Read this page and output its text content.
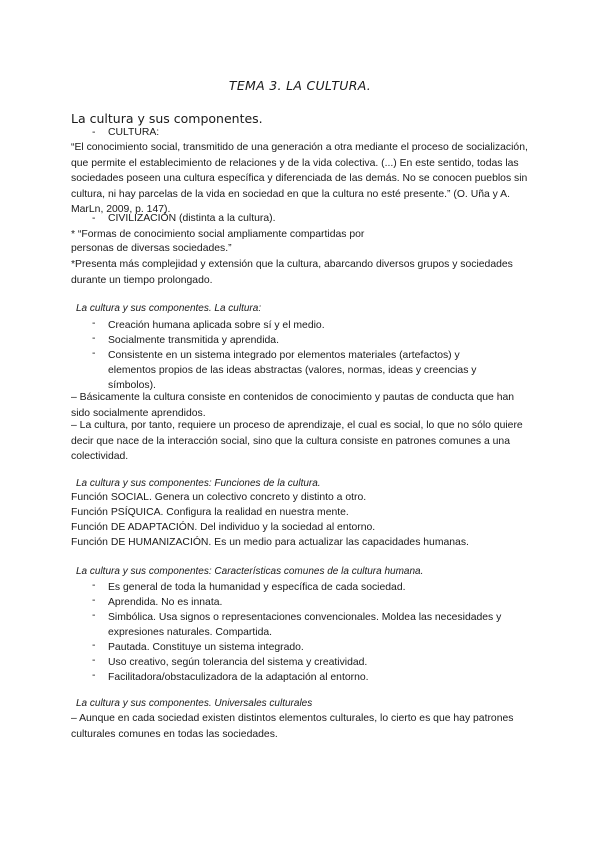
TEMA 3. LA CULTURA.
La cultura y sus componentes.
- CULTURA:
“El conocimiento social, transmitido de una generación a otra mediante el proceso de socialización, que permite el establecimiento de relaciones y de la vida colectiva. (...) En este sentido, todas las sociedades poseen una cultura específica y diferenciada de las demás. No se conocen pueblos sin cultura, ni hay parcelas de la vida en sociedad en que la cultura no esté presente.” (O. Uña y A. MarLn, 2009, p. 147).
- CIVILIZACIÓN (distinta a la cultura).
* “Formas de conocimiento social ampliamente compartidas por
personas de diversas sociedades.”
*Presenta más complejidad y extensión que la cultura, abarcando diversos grupos y sociedades durante un tiempo prolongado.
La cultura y sus componentes. La cultura:
- Creación humana aplicada sobre sí y el medio.
- Socialmente transmitida y aprendida.
- Consistente en un sistema integrado por elementos materiales (artefactos) y elementos propios de las ideas abstractas (valores, normas, ideas y creencias y símbolos).
– Básicamente la cultura consiste en contenidos de conocimiento y pautas de conducta que han sido socialmente aprendidos.
– La cultura, por tanto, requiere un proceso de aprendizaje, el cual es social, lo que no sólo quiere decir que nace de la interacción social, sino que la cultura consiste en patrones comunes a una colectividad.
La cultura y sus componentes: Funciones de la cultura.
Función SOCIAL. Genera un colectivo concreto y distinto a otro.
Función PSÍQUICA. Configura la realidad en nuestra mente.
Función DE ADAPTACIÓN. Del individuo y la sociedad al entorno.
Función DE HUMANIZACIÓN. Es un medio para actualizar las capacidades humanas.
La cultura y sus componentes: Características comunes de la cultura humana.
- Es general de toda la humanidad y específica de cada sociedad.
- Aprendida. No es innata.
- Simbólica. Usa signos o representaciones convencionales. Moldea las necesidades y expresiones naturales. Compartida.
- Pautada. Constituye un sistema integrado.
- Uso creativo, según tolerancia del sistema y creatividad.
- Facilitadora/obstaculizadora de la adaptación al entorno.
La cultura y sus componentes. Universales culturales
– Aunque en cada sociedad existen distintos elementos culturales, lo cierto es que hay patrones culturales comunes en todas las sociedades.
